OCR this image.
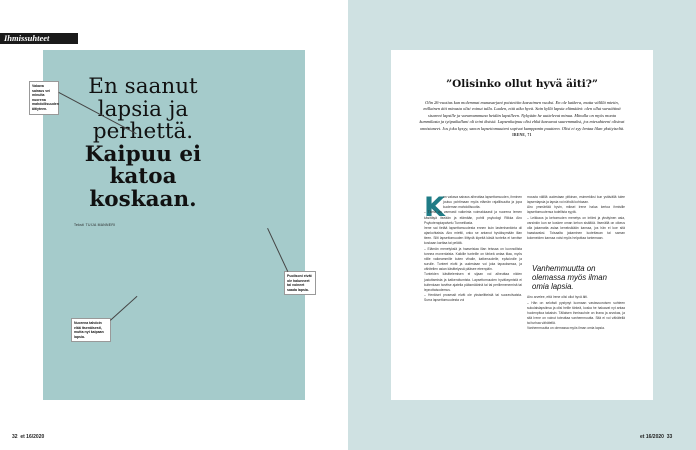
Ihmissuhteet
En saanut lapsia ja perhettä.
Kaipuu ei katoa koskaan.
Teksti TUIJA MANNERI
Vakava sairaus vei minulta nuorena mahdollisuuden äitiyteen.
Puolisoni eivät ole halunneet tai voineet saada lapsia.
Nuorena tahdoin elää itsenäisesti, mutta nyt kaipaan lapsia.
32 et 16/2020
”Olisinko ollut hyvä äiti?”
Olin 26-vuotias kun molemmat munasarjani poistettiin kasvaimen vuoksi. En ole katkera, mutta välillä mietin, millainen äiti minusta olisi voinut tulla. Luulen, että aika hyvä. Sain kyllä lapsia elämääni: olen ollut varaäitinä sisareni lapsille ja varamummuna heidän lapsilleen. Nykyään he uuttelevat minua. Minulla on myös monta kummilasta ja työpaikallani oli teini iksisiä. Lapsenkaipuu olisi ehkä kasvanut suuremmaksi, jos miesuhteeni olisivat onnistuneet. Jos joku kysyy, sanon lapsettomuuteni sopivat kumppanin puutteen. Olisi ei syy lentaa lilan yksityiseltä. IRENE, 71
K
un vakava sairaus alheuttaa lapsettomuuden, ihminen joutuu pohtimaan myös elämän rajalliisuutta ja jopa kuoleman mahdollisuutta.

– Tämä on varmasti vaikeinta voimakkaasti ja nuorena lemen käsittäyä itseään ja elämään, pohtii psykologi Riikka Airo Psykoterapiapalvelu Tunnetilasta.

Irene sai tietää lapsettomuudesta ennen kuin lastenhankinta oli ajankohtaista. Airo miettii, onko se antanut hyväksymään illan tieen. Silti lapsettomuuden liittyviä kipeitä käsiä tunteita ei tarvitse koskaan karttaa tai pelätä.

– Elämän menetyksiä ja haaveisiaa illan teissaa on luonnollista tunnea monenlaista. Kaikille tunteille on tärkeä antaa tilaa, myös niille vaikeammille kuten vihalle, katkeruudelle, epäoivolle ja surulle. Tunteet eivät ja uudestaan voi joka tapauksessa, ja vähitellen asian käsittelyssä pääsee eteenpäin.

Tunteiden käsittelemisen ei sijaan voi alheuttaa niiden justuttamista ja katkeroitumista. Lapsettomuuden hyväksymistä ei kuitenkaan tarvitse ajatella pääsmäärinä tai tai perillemeneminä tai lepnottaisodemus.

– Henkiset prosessit elvät ole yksiselitteistä tai suoraviivaista. Surra lapsettomuudesta voi

mousta välillä uudestaan pitkinan, esimerkiksi kun ystävällä tulee lapsenlapsia ja lapsia voi nähdä kohtoaan.

Airo ymmärtää hyvin, miksei Irene halua kertoa ihmisille lapsettomuutensa todellista syytä.

– Leikkaus ja kehomuden menetys on intiimi ja yksityinen asia, varsinkin kun se koskee oman kehon sisältöä. Itsenällä on oikeus olla jakamatta asiaa keneksikään kanssa, jos hän ei koe sitä haastavaksi. Toisaalta jakaminen luotettavan tai saman kokeneiden kanssa voisi myös helpottaa tuntemaan.

Airo arvelee, että Irene olisi ollut hyvä äiti.

– Hän on selvästi pystynyt luomaan vastavuoroisen suhteen sukulaislapsiinsa ja olisi heille tärkeä, koska he haluavat nyt antaa huolenpitoa takaisin. Tällaisen ihmissuhde on ihana ja arvokas, ja sitä Irene on voinut toteuttaa vanhemmuutta. Sitä ei voi vähätellä tai turhaa vähätellä.

Vanhemmuutta on olemassa myös ilman omia lapsia.

Vanhemmuutta on olemassa myös ilman omia lapsia.
et 16/2020 33
